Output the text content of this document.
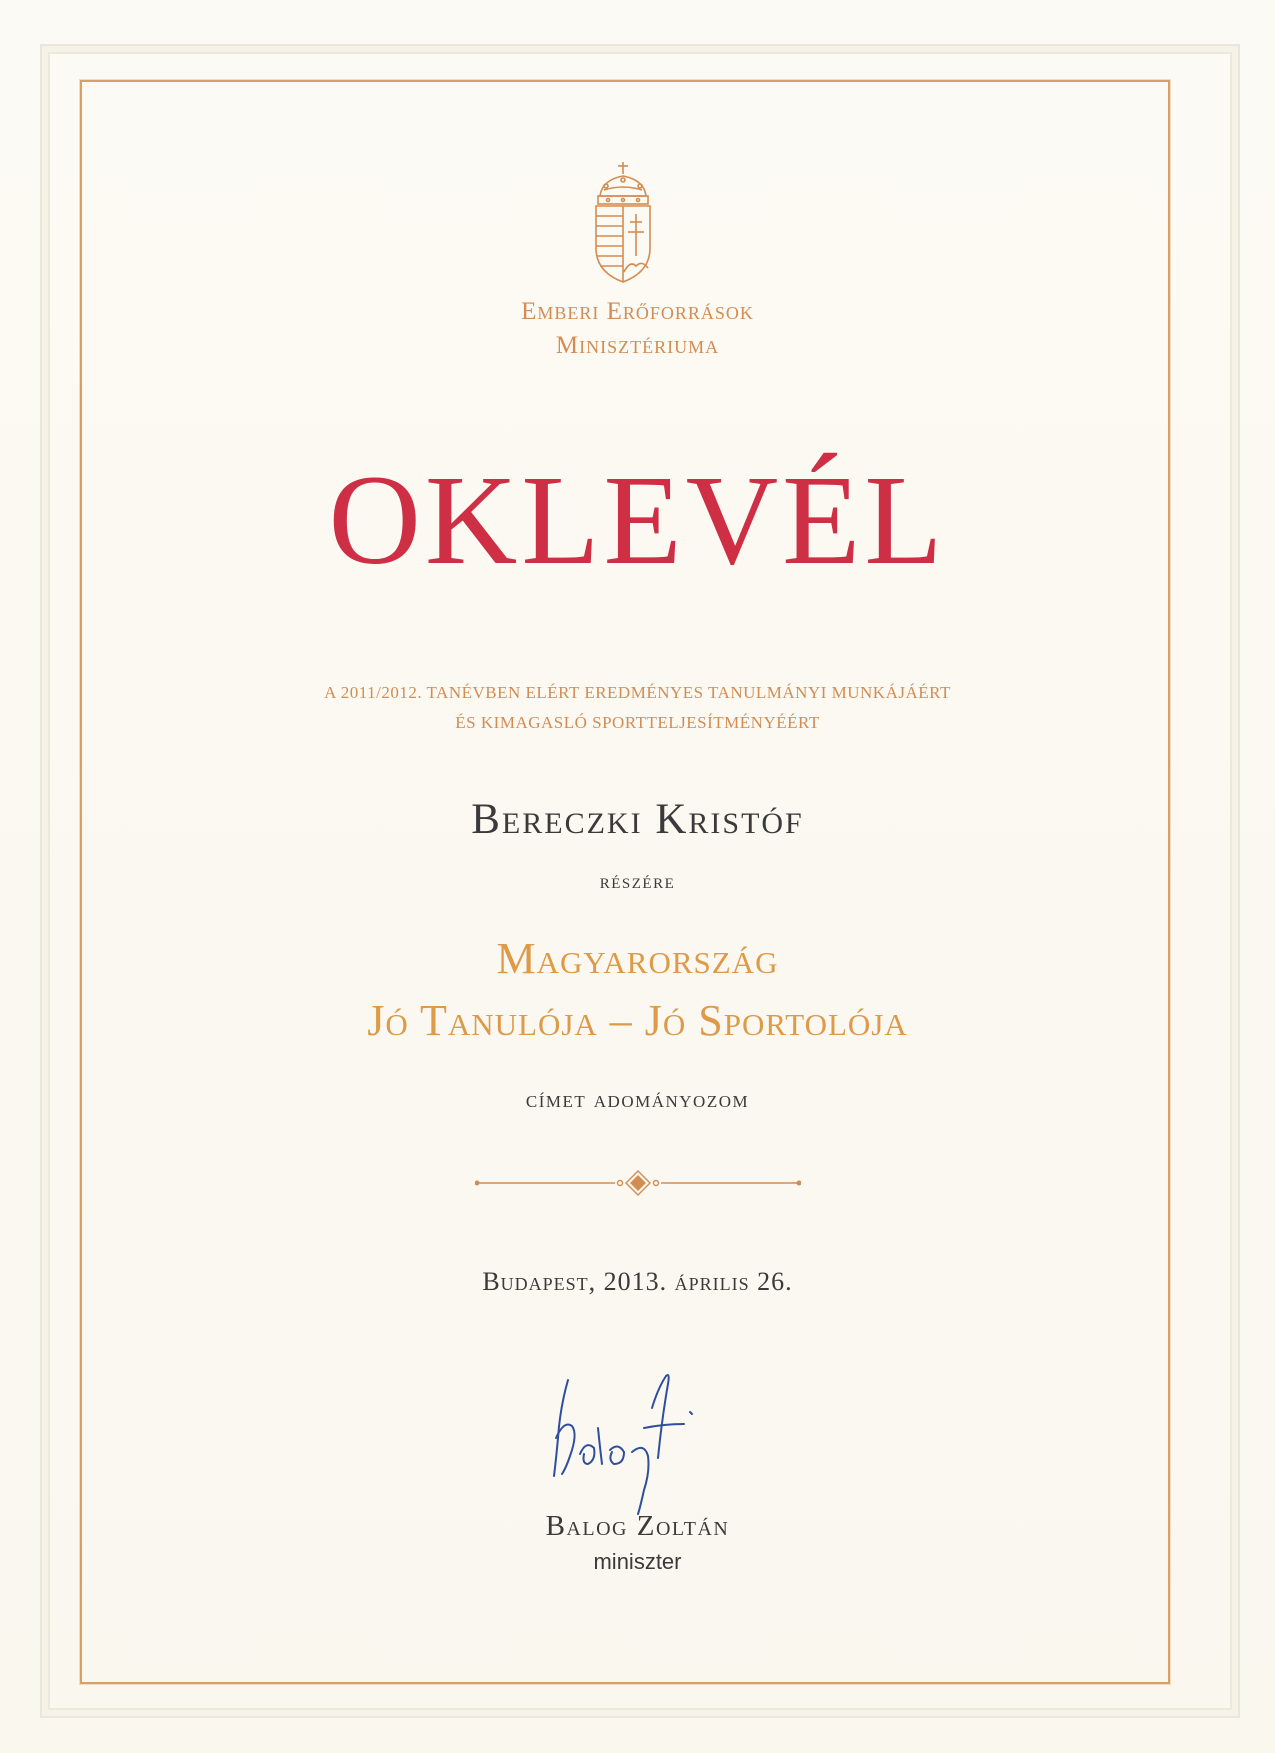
Emberi Erőforrások
Minisztériuma
OKLEVÉL
A 2011/2012. TANÉVBEN ELÉRT EREDMÉNYES TANULMÁNYI MUNKÁJÁÉRT
ÉS KIMAGASLÓ SPORTTELJESÍTMÉNYÉÉRT
Bereczki Kristóf
részére
Magyarország
Jó Tanulója – Jó Sportolója
címet adományozom
Budapest, 2013. április 26.
Balog Zoltán
miniszter
